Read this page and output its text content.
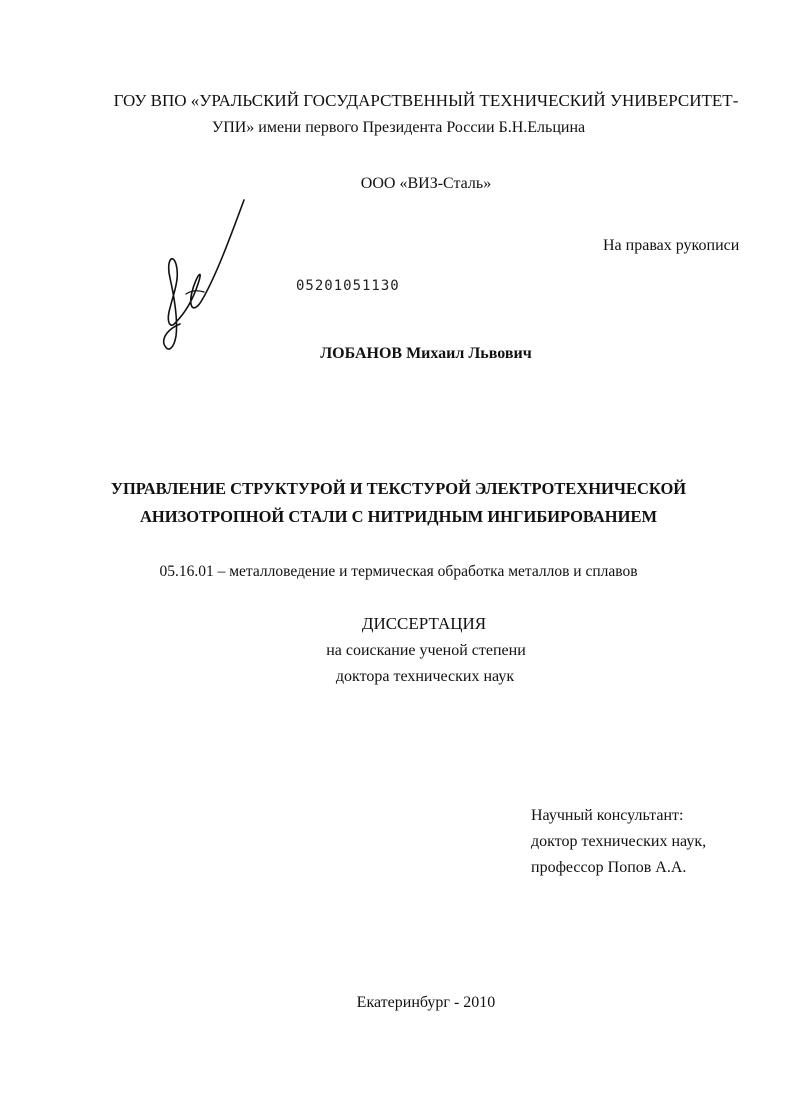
ГОУ ВПО «УРАЛЬСКИЙ ГОСУДАРСТВЕННЫЙ ТЕХНИЧЕСКИЙ УНИВЕРСИТЕТ-
УПИ» имени первого Президента России Б.Н.Ельцина
ООО «ВИЗ-Сталь»
На правах рукописи
05201051130
ЛОБАНОВ Михаил Львович
УПРАВЛЕНИЕ СТРУКТУРОЙ И ТЕКСТУРОЙ ЭЛЕКТРОТЕХНИЧЕСКОЙ
АНИЗОТРОПНОЙ СТАЛИ С НИТРИДНЫМ ИНГИБИРОВАНИЕМ
05.16.01 – металловедение и термическая обработка металлов и сплавов
ДИССЕРТАЦИЯ
на соискание ученой степени
доктора технических наук
Научный консультант:
доктор технических наук,
профессор Попов А.А.
Екатеринбург - 2010
